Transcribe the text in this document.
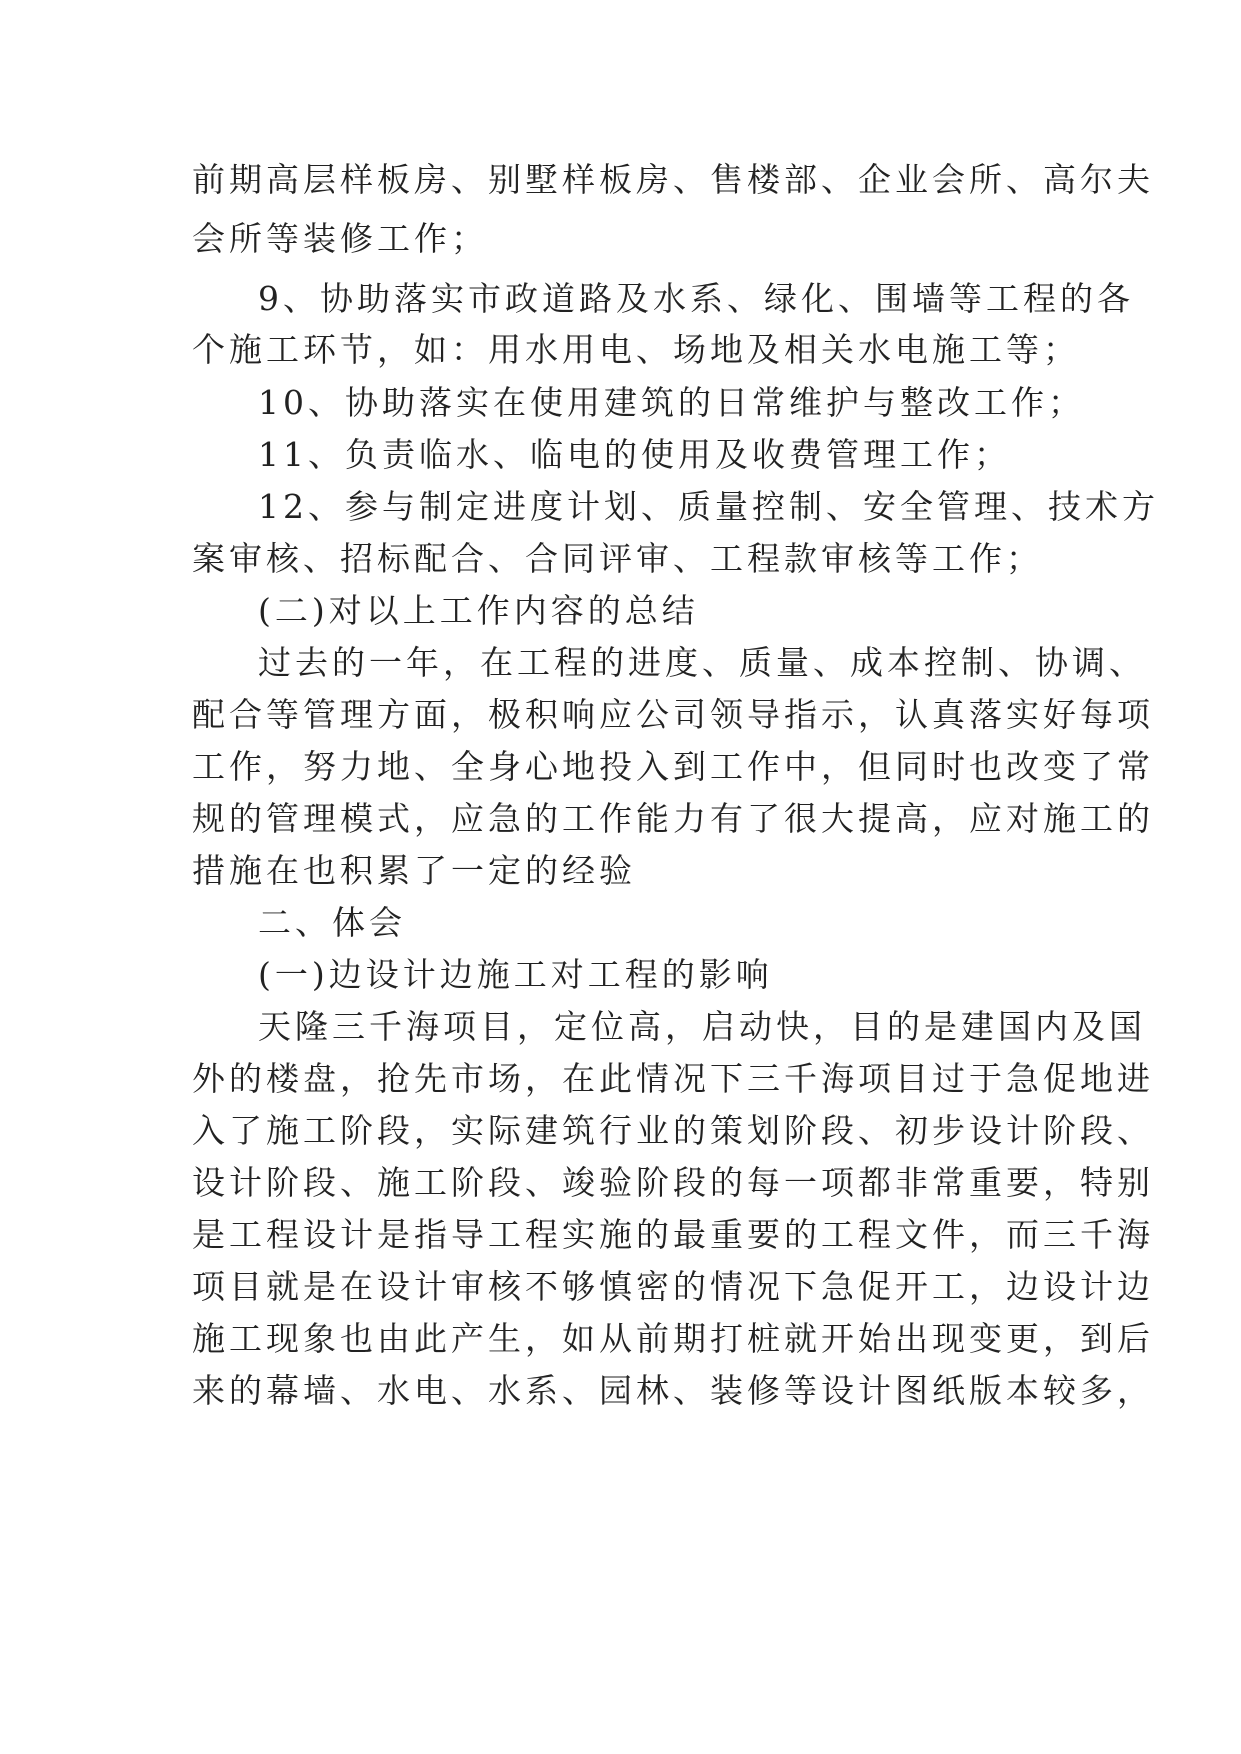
前期高层样板房、别墅样板房、售楼部、企业会所、高尔夫
会所等装修工作；
9、协助落实市政道路及水系、绿化、围墙等工程的各
个施工环节，如：用水用电、场地及相关水电施工等；
10、协助落实在使用建筑的日常维护与整改工作；
11、负责临水、临电的使用及收费管理工作；
12、参与制定进度计划、质量控制、安全管理、技术方
案审核、招标配合、合同评审、工程款审核等工作；
(二)对以上工作内容的总结
过去的一年，在工程的进度、质量、成本控制、协调、
配合等管理方面，极积响应公司领导指示，认真落实好每项
工作，努力地、全身心地投入到工作中，但同时也改变了常
规的管理模式，应急的工作能力有了很大提高，应对施工的
措施在也积累了一定的经验
二、体会
(一)边设计边施工对工程的影响
天隆三千海项目，定位高，启动快，目的是建国内及国
外的楼盘，抢先市场，在此情况下三千海项目过于急促地进
入了施工阶段，实际建筑行业的策划阶段、初步设计阶段、
设计阶段、施工阶段、竣验阶段的每一项都非常重要，特别
是工程设计是指导工程实施的最重要的工程文件，而三千海
项目就是在设计审核不够慎密的情况下急促开工，边设计边
施工现象也由此产生，如从前期打桩就开始出现变更，到后
来的幕墙、水电、水系、园林、装修等设计图纸版本较多，
